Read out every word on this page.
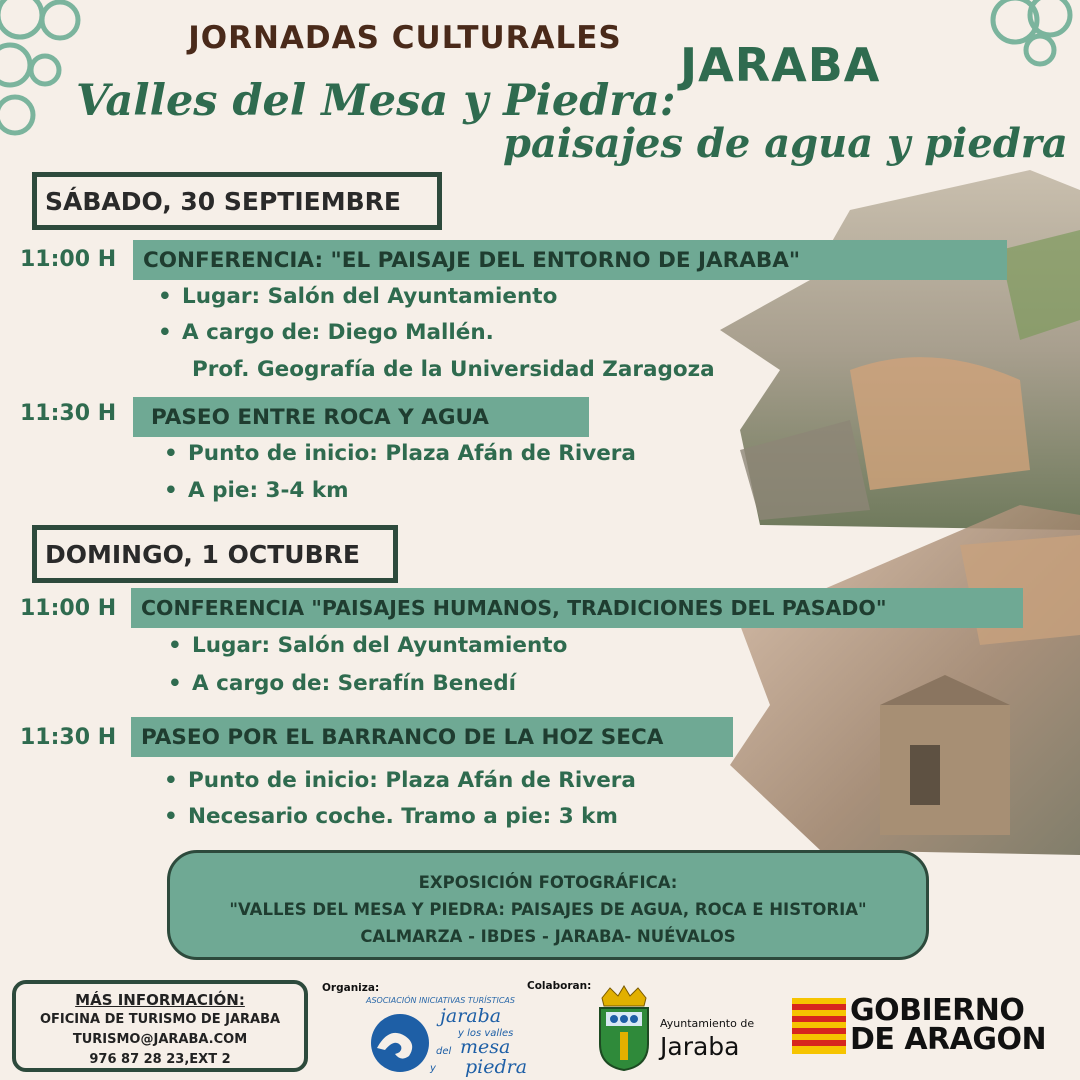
JORNADAS CULTURALES	JARABA
Valles del Mesa y Piedra:
paisajes de agua y piedra
SÁBADO, 30 SEPTIEMBRE
11:00 H	CONFERENCIA: "EL PAISAJE DEL ENTORNO DE JARABA"
• Lugar: Salón del Ayuntamiento
• A cargo de: Diego Mallén.
Prof. Geografía de la Universidad Zaragoza
11:30 H	PASEO ENTRE ROCA Y AGUA
• Punto de inicio: Plaza Afán de Rivera
• A pie: 3-4 km
DOMINGO, 1 OCTUBRE
11:00 H	CONFERENCIA "PAISAJES HUMANOS, TRADICIONES DEL PASADO"
• Lugar: Salón del Ayuntamiento
• A cargo de: Serafín Benedí
11:30 H	PASEO POR EL BARRANCO DE LA HOZ SECA
• Punto de inicio: Plaza Afán de Rivera
• Necesario coche. Tramo a pie: 3 km
EXPOSICIÓN FOTOGRÁFICA:
"VALLES DEL MESA Y PIEDRA: PAISAJES DE AGUA, ROCA E HISTORIA"
CALMARZA - IBDES - JARABA- NUÉVALOS
MÁS INFORMACIÓN:
OFICINA DE TURISMO DE JARABA
TURISMO@JARABA.COM
976 87 28 23,EXT 2
Organiza:	Colaboran:
ASOCIACIÓN INICIATIVAS TURÍSTICAS
jaraba
y los valles
del mesa
piedra
y
Ayuntamiento de
Jaraba
GOBIERNO
DE ARAGON
